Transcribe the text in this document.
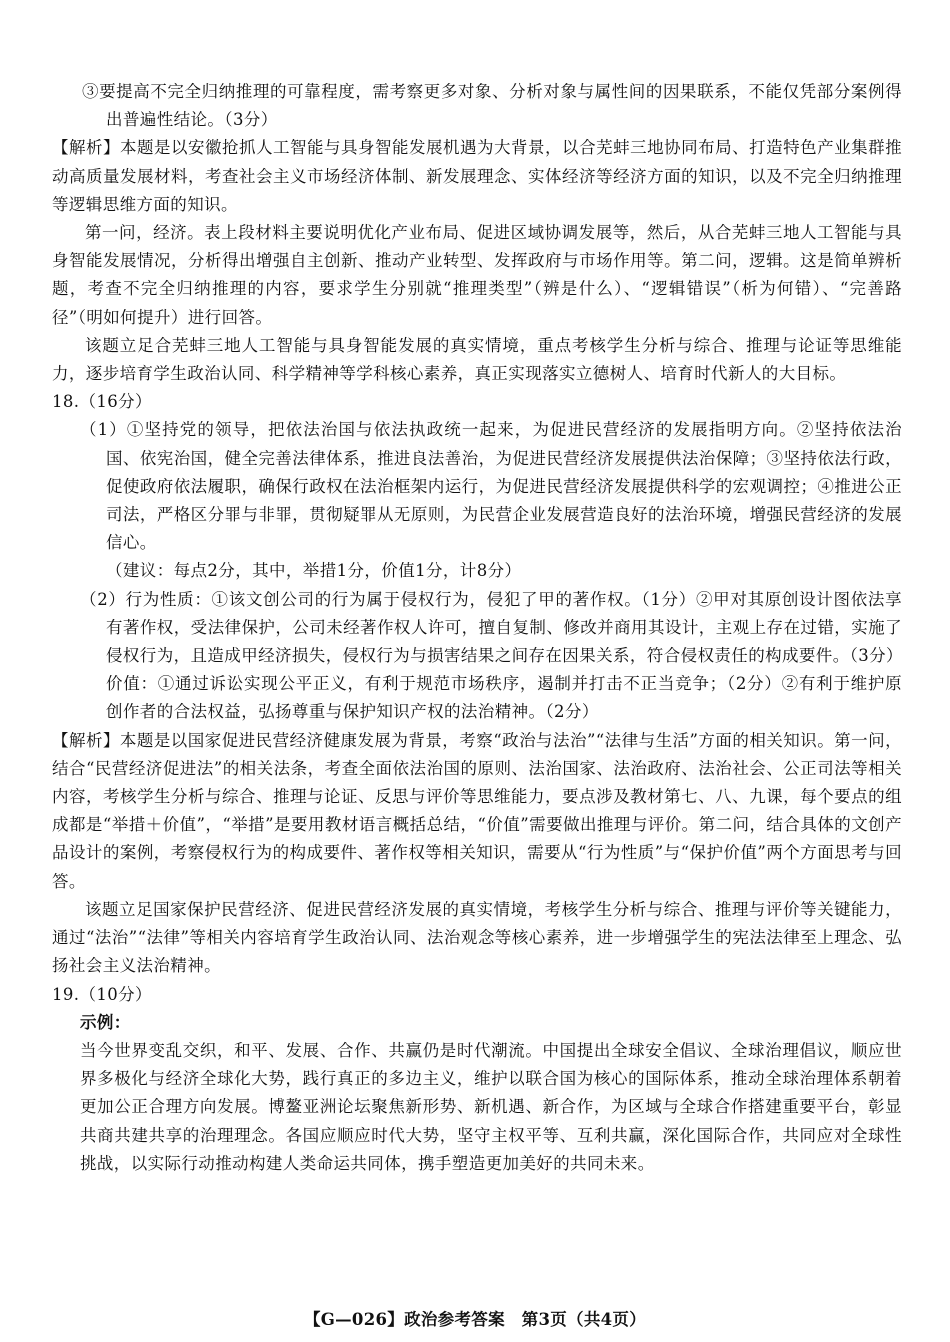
③要提高不完全归纳推理的可靠程度，需考察更多对象、分析对象与属性间的因果联系，不能仅凭部分案例得出普遍性结论。（3分）

【解析】本题是以安徽抢抓人工智能与具身智能发展机遇为大背景，以合芜蚌三地协同布局、打造特色产业集群推动高质量发展材料，考查社会主义市场经济体制、新发展理念、实体经济等经济方面的知识，以及不完全归纳推理等逻辑思维方面的知识。

第一问，经济。表上段材料主要说明优化产业布局、促进区域协调发展等，然后，从合芜蚌三地人工智能与具身智能发展情况，分析得出增强自主创新、推动产业转型、发挥政府与市场作用等。第二问，逻辑。这是简单辨析题，考查不完全归纳推理的内容，要求学生分别就“推理类型”（辨是什么）、“逻辑错误”（析为何错）、“完善路径”（明如何提升）进行回答。

该题立足合芜蚌三地人工智能与具身智能发展的真实情境，重点考核学生分析与综合、推理与论证等思维能力，逐步培育学生政治认同、科学精神等学科核心素养，真正实现落实立德树人、培育时代新人的大目标。

18.（16分）

（1）①坚持党的领导，把依法治国与依法执政统一起来，为促进民营经济的发展指明方向。②坚持依法治国、依宪治国，健全完善法律体系，推进良法善治，为促进民营经济发展提供法治保障；③坚持依法行政，促使政府依法履职，确保行政权在法治框架内运行，为促进民营经济发展提供科学的宏观调控；④推进公正司法，严格区分罪与非罪，贯彻疑罪从无原则，为民营企业发展营造良好的法治环境，增强民营经济的发展信心。

（建议：每点2分，其中，举措1分，价值1分，计8分）

（2）行为性质：①该文创公司的行为属于侵权行为，侵犯了甲的著作权。（1分）②甲对其原创设计图依法享有著作权，受法律保护，公司未经著作权人许可，擅自复制、修改并商用其设计，主观上存在过错，实施了侵权行为，且造成甲经济损失，侵权行为与损害结果之间存在因果关系，符合侵权责任的构成要件。（3分）

价值：①通过诉讼实现公平正义，有利于规范市场秩序，遏制并打击不正当竞争；（2分）②有利于维护原创作者的合法权益，弘扬尊重与保护知识产权的法治精神。（2分）

【解析】本题是以国家促进民营经济健康发展为背景，考察“政治与法治”“法律与生活”方面的相关知识。第一问，结合“民营经济促进法”的相关法条，考查全面依法治国的原则、法治国家、法治政府、法治社会、公正司法等相关内容，考核学生分析与综合、推理与论证、反思与评价等思维能力，要点涉及教材第七、八、九课，每个要点的组成都是“举措＋价值”，“举措”是要用教材语言概括总结，“价值”需要做出推理与评价。第二问，结合具体的文创产品设计的案例，考察侵权行为的构成要件、著作权等相关知识，需要从“行为性质”与“保护价值”两个方面思考与回答。

该题立足国家保护民营经济、促进民营经济发展的真实情境，考核学生分析与综合、推理与评价等关键能力，通过“法治”“法律”等相关内容培育学生政治认同、法治观念等核心素养，进一步增强学生的宪法法律至上理念、弘扬社会主义法治精神。

19.（10分）

示例：

当今世界变乱交织，和平、发展、合作、共赢仍是时代潮流。中国提出全球安全倡议、全球治理倡议，顺应世界多极化与经济全球化大势，践行真正的多边主义，维护以联合国为核心的国际体系，推动全球治理体系朝着更加公正合理方向发展。博鳌亚洲论坛聚焦新形势、新机遇、新合作，为区域与全球合作搭建重要平台，彰显共商共建共享的治理理念。各国应顺应时代大势，坚守主权平等、互利共赢，深化国际合作，共同应对全球性挑战，以实际行动推动构建人类命运共同体，携手塑造更加美好的共同未来。

【G—026】政治参考答案　第3页（共4页）
